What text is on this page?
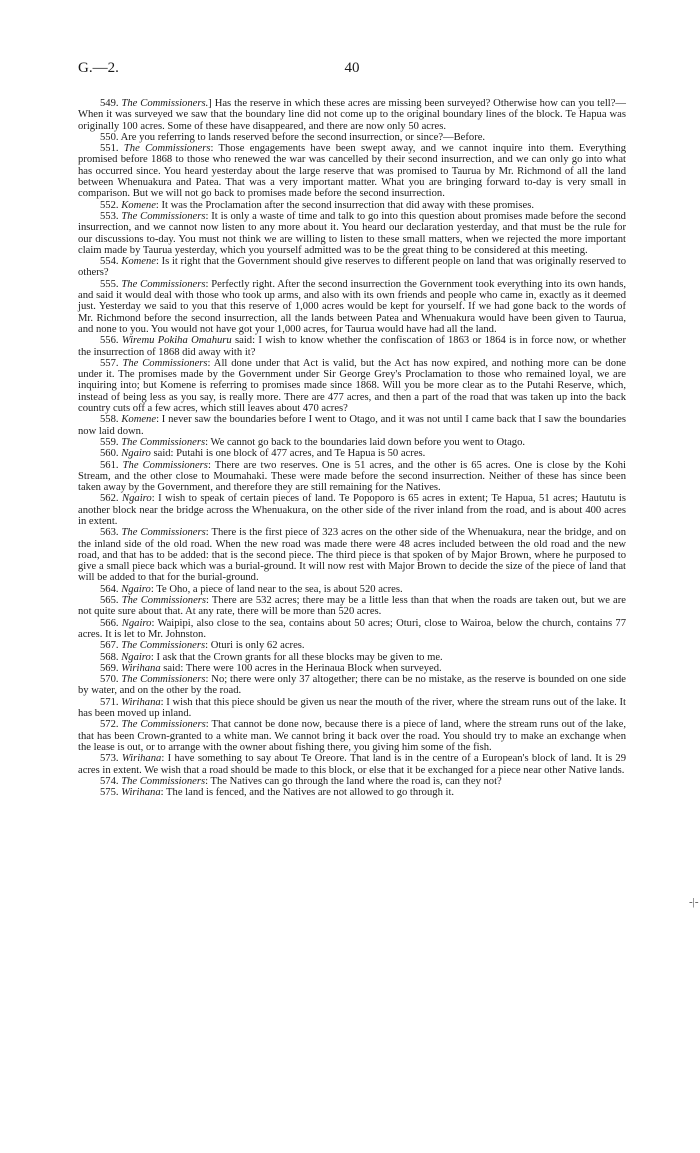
G.—2.	40

549. The Commissioners.] Has the reserve in which these acres are missing been surveyed? Otherwise how can you tell?—When it was surveyed we saw that the boundary line did not come up to the original boundary lines of the block. Te Hapua was originally 100 acres. Some of these have disappeared, and there are now only 50 acres.

550. Are you referring to lands reserved before the second insurrection, or since?—Before.

551. The Commissioners: Those engagements have been swept away, and we cannot inquire into them. Everything promised before 1868 to those who renewed the war was cancelled by their second insurrection, and we can only go into what has occurred since. You heard yesterday about the large reserve that was promised to Taurua by Mr. Richmond of all the land between Whenuakura and Patea. That was a very important matter. What you are bringing forward to-day is very small in comparison. But we will not go back to promises made before the second insurrection.

552. Komene: It was the Proclamation after the second insurrection that did away with these promises.

553. The Commissioners: It is only a waste of time and talk to go into this question about promises made before the second insurrection, and we cannot now listen to any more about it. You heard our declaration yesterday, and that must be the rule for our discussions to-day. You must not think we are willing to listen to these small matters, when we rejected the more important claim made by Taurua yesterday, which you yourself admitted was to be the great thing to be considered at this meeting.

554. Komene: Is it right that the Government should give reserves to different people on land that was originally reserved to others?

555. The Commissioners: Perfectly right. After the second insurrection the Government took everything into its own hands, and said it would deal with those who took up arms, and also with its own friends and people who came in, exactly as it deemed just. Yesterday we said to you that this reserve of 1,000 acres would be kept for yourself. If we had gone back to the words of Mr. Richmond before the second insurrection, all the lands between Patea and Whenuakura would have been given to Taurua, and none to you. You would not have got your 1,000 acres, for Taurua would have had all the land.

556. Wiremu Pokiha Omahuru said: I wish to know whether the confiscation of 1863 or 1864 is in force now, or whether the insurrection of 1868 did away with it?

557. The Commissioners: All done under that Act is valid, but the Act has now expired, and nothing more can be done under it. The promises made by the Government under Sir George Grey's Proclamation to those who remained loyal, we are inquiring into; but Komene is referring to promises made since 1868. Will you be more clear as to the Putahi Reserve, which, instead of being less as you say, is really more. There are 477 acres, and then a part of the road that was taken up into the back country cuts off a few acres, which still leaves about 470 acres?

558. Komene: I never saw the boundaries before I went to Otago, and it was not until I came back that I saw the boundaries now laid down.

559. The Commissioners: We cannot go back to the boundaries laid down before you went to Otago.

560. Ngairo said: Putahi is one block of 477 acres, and Te Hapua is 50 acres.

561. The Commissioners: There are two reserves. One is 51 acres, and the other is 65 acres. One is close by the Kohi Stream, and the other close to Moumahaki. These were made before the second insurrection. Neither of these has since been taken away by the Government, and therefore they are still remaining for the Natives.

562. Ngairo: I wish to speak of certain pieces of land. Te Popoporo is 65 acres in extent; Te Hapua, 51 acres; Haututu is another block near the bridge across the Whenuakura, on the other side of the river inland from the road, and is about 400 acres in extent.

563. The Commissioners: There is the first piece of 323 acres on the other side of the Whenuakura, near the bridge, and on the inland side of the old road. When the new road was made there were 48 acres included between the old road and the new road, and that has to be added: that is the second piece. The third piece is that spoken of by Major Brown, where he purposed to give a small piece back which was a burial-ground. It will now rest with Major Brown to decide the size of the piece of land that will be added to that for the burial-ground.

564. Ngairo: Te Oho, a piece of land near to the sea, is about 520 acres.

565. The Commissioners: There are 532 acres; there may be a little less than that when the roads are taken out, but we are not quite sure about that. At any rate, there will be more than 520 acres.

566. Ngairo: Waipipi, also close to the sea, contains about 50 acres; Oturi, close to Wairoa, below the church, contains 77 acres. It is let to Mr. Johnston.

567. The Commissioners: Oturi is only 62 acres.

568. Ngairo: I ask that the Crown grants for all these blocks may be given to me.

569. Wirihana said: There were 100 acres in the Herinaua Block when surveyed.

570. The Commissioners: No; there were only 37 altogether; there can be no mistake, as the reserve is bounded on one side by water, and on the other by the road.

571. Wirihana: I wish that this piece should be given us near the mouth of the river, where the stream runs out of the lake. It has been moved up inland.

572. The Commissioners: That cannot be done now, because there is a piece of land, where the stream runs out of the lake, that has been Crown-granted to a white man. We cannot bring it back over the road. You should try to make an exchange when the lease is out, or to arrange with the owner about fishing there, you giving him some of the fish.

573. Wirihana: I have something to say about Te Oreore. That land is in the centre of a European's block of land. It is 29 acres in extent. We wish that a road should be made to this block, or else that it be exchanged for a piece near other Native lands.

574. The Commissioners: The Natives can go through the land where the road is, can they not?

575. Wirihana: The land is fenced, and the Natives are not allowed to go through it.

-|-
